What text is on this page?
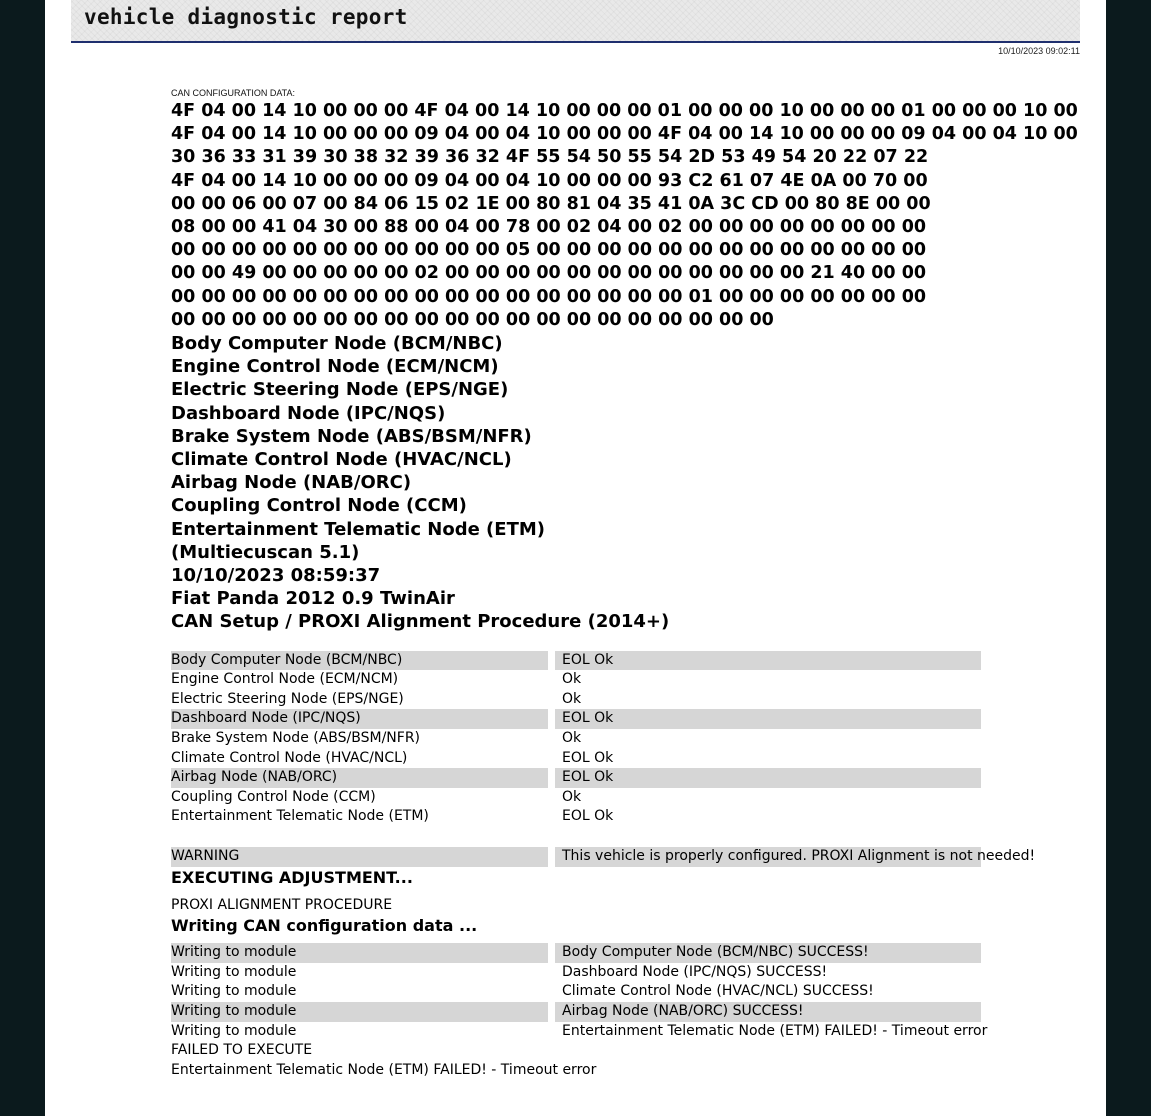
vehicle diagnostic report
10/10/2023 09:02:11
CAN CONFIGURATION DATA:
4F 04 00 14 10 00 00 00 4F 04 00 14 10 00 00 00 01 00 00 00 10 00 00 00 01 00 00 00 10 00
4F 04 00 14 10 00 00 00 09 04 00 04 10 00 00 00 4F 04 00 14 10 00 00 00 09 04 00 04 10 00
30 36 33 31 39 30 38 32 39 36 32 4F 55 54 50 55 54 2D 53 49 54 20 22 07 22
4F 04 00 14 10 00 00 00 09 04 00 04 10 00 00 00 93 C2 61 07 4E 0A 00 70 00
00 00 06 00 07 00 84 06 15 02 1E 00 80 81 04 35 41 0A 3C CD 00 80 8E 00 00
08 00 00 41 04 30 00 88 00 04 00 78 00 02 04 00 02 00 00 00 00 00 00 00 00
00 00 00 00 00 00 00 00 00 00 00 05 00 00 00 00 00 00 00 00 00 00 00 00 00
00 00 49 00 00 00 00 00 02 00 00 00 00 00 00 00 00 00 00 00 00 21 40 00 00
00 00 00 00 00 00 00 00 00 00 00 00 00 00 00 00 00 01 00 00 00 00 00 00 00
00 00 00 00 00 00 00 00 00 00 00 00 00 00 00 00 00 00 00 00
Body Computer Node (BCM/NBC)
Engine Control Node (ECM/NCM)
Electric Steering Node (EPS/NGE)
Dashboard Node (IPC/NQS)
Brake System Node (ABS/BSM/NFR)
Climate Control Node (HVAC/NCL)
Airbag Node (NAB/ORC)
Coupling Control Node (CCM)
Entertainment Telematic Node (ETM)
(Multiecuscan 5.1)
10/10/2023 08:59:37
Fiat Panda 2012 0.9 TwinAir
CAN Setup / PROXI Alignment Procedure (2014+)
Body Computer Node (BCM/NBC)	EOL Ok
Engine Control Node (ECM/NCM)	Ok
Electric Steering Node (EPS/NGE)	Ok
Dashboard Node (IPC/NQS)	EOL Ok
Brake System Node (ABS/BSM/NFR)	Ok
Climate Control Node (HVAC/NCL)	EOL Ok
Airbag Node (NAB/ORC)	EOL Ok
Coupling Control Node (CCM)	Ok
Entertainment Telematic Node (ETM)	EOL Ok
WARNING	This vehicle is properly configured. PROXI Alignment is not needed!
EXECUTING ADJUSTMENT...
PROXI ALIGNMENT PROCEDURE
Writing CAN configuration data ...
Writing to module	Body Computer Node (BCM/NBC) SUCCESS!
Writing to module	Dashboard Node (IPC/NQS) SUCCESS!
Writing to module	Climate Control Node (HVAC/NCL) SUCCESS!
Writing to module	Airbag Node (NAB/ORC) SUCCESS!
Writing to module	Entertainment Telematic Node (ETM) FAILED! - Timeout error
FAILED TO EXECUTE
Entertainment Telematic Node (ETM) FAILED! - Timeout error
